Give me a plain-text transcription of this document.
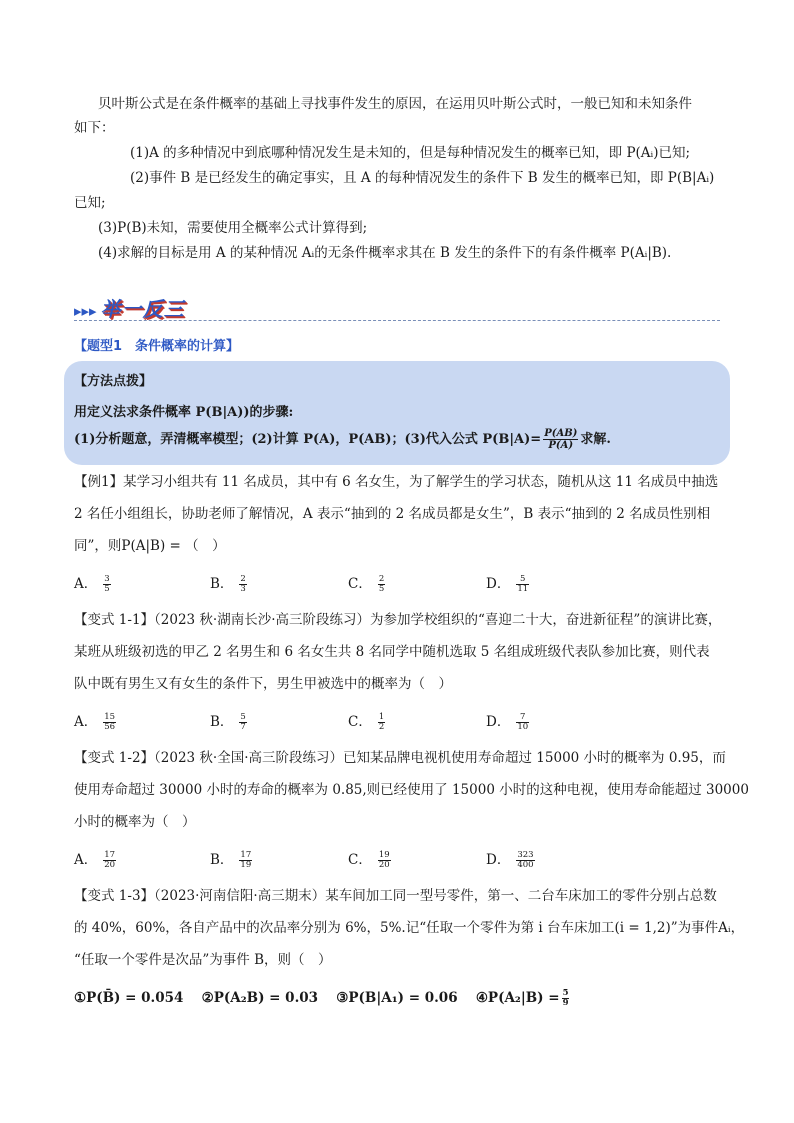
贝叶斯公式是在条件概率的基础上寻找事件发生的原因，在运用贝叶斯公式时，一般已知和未知条件
如下：
(1)A 的多种情况中到底哪种情况发生是未知的，但是每种情况发生的概率已知，即 P(Aᵢ)已知;
(2)事件 B 是已经发生的确定事实，且 A 的每种情况发生的条件下 B 发生的概率已知，即 P(B|Aᵢ)
已知;
(3)P(B)未知，需要使用全概率公式计算得到;
(4)求解的目标是用 A 的某种情况 Aᵢ的无条件概率求其在 B 发生的条件下的有条件概率 P(Aᵢ|B).
▸▸▸ 举一反三
【题型1　条件概率的计算】
【方法点拨】
用定义法求条件概率 P(B|A))的步骤:
(1)分析题意，弄清概率模型；(2)计算 P(A)，P(AB)；(3)代入公式 $P(B|A)= \frac{P(AB)}{P(A)}$ 求解.
【例1】某学习小组共有 11 名成员，其中有 6 名女生，为了解学生的学习状态，随机从这 11 名成员中抽选
2 名任小组组长，协助老师了解情况，A 表示“抽到的 2 名成员都是女生”，B 表示“抽到的 2 名成员性别相
同”，则P(A|B) = （　）
A． $\frac{3}{5}$	B． $\frac{2}{3}$	C． $\frac{2}{5}$	D． $\frac{5}{11}$
【变式 1-1】（2023 秋·湖南长沙·高三阶段练习）为参加学校组织的“喜迎二十大，奋进新征程”的演讲比赛，
某班从班级初选的甲乙 2 名男生和 6 名女生共 8 名同学中随机选取 5 名组成班级代表队参加比赛，则代表
队中既有男生又有女生的条件下，男生甲被选中的概率为（　）
A． $\frac{15}{56}$	B． $\frac{5}{7}$	C． $\frac{1}{2}$	D． $\frac{7}{10}$
【变式 1-2】（2023 秋·全国·高三阶段练习）已知某品牌电视机使用寿命超过 15000 小时的概率为 0.95，而
使用寿命超过 30000 小时的寿命的概率为 0.85,则已经使用了 15000 小时的这种电视，使用寿命能超过 30000
小时的概率为（　）
A． $\frac{17}{20}$	B． $\frac{17}{19}$	C． $\frac{19}{20}$	D． $\frac{323}{400}$
【变式 1-3】（2023·河南信阳·高三期末）某车间加工同一型号零件，第一、二台车床加工的零件分别占总数
的 40%，60%，各自产品中的次品率分别为 6%，5%.记“任取一个零件为第 i 台车床加工(i = 1,2)”为事件Aᵢ，
“任取一个零件是次品”为事件 B，则（　）
①P(B̄) = 0.054　 ②P(A₂B) = 0.03　 ③P(B|A₁) = 0.06　 ④P(A₂|B) = $\frac{5}{9}$
